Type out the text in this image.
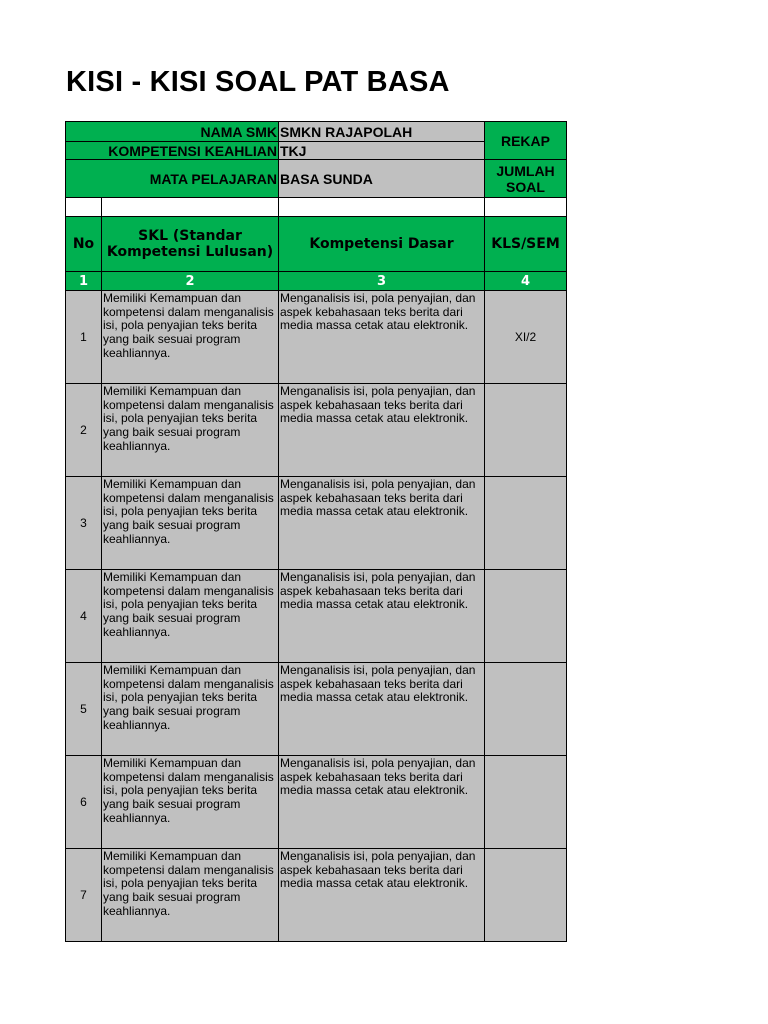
KISI - KISI SOAL PAT BASA
NAMA SMK		SMKN RAJAPOLAH	REKAP
KOMPETENSI KEAHLIAN		TKJ	
MATA PELAJARAN		BASA SUNDA	JUMLAH SOAL

No	SKL (Standar Kompetensi Lulusan)	Kompetensi Dasar	KLS/SEM
1	2	3	4
1	Memiliki Kemampuan dan kompetensi dalam menganalisis isi, pola penyajian teks berita yang baik sesuai program keahliannya.	Menganalisis isi, pola penyajian, dan aspek kebahasaan teks berita dari media massa cetak atau elektronik.	XI/2
2	Memiliki Kemampuan dan kompetensi dalam menganalisis isi, pola penyajian teks berita yang baik sesuai program keahliannya.	Menganalisis isi, pola penyajian, dan aspek kebahasaan teks berita dari media massa cetak atau elektronik.	
3	Memiliki Kemampuan dan kompetensi dalam menganalisis isi, pola penyajian teks berita yang baik sesuai program keahliannya.	Menganalisis isi, pola penyajian, dan aspek kebahasaan teks berita dari media massa cetak atau elektronik.	
4	Memiliki Kemampuan dan kompetensi dalam menganalisis isi, pola penyajian teks berita yang baik sesuai program keahliannya.	Menganalisis isi, pola penyajian, dan aspek kebahasaan teks berita dari media massa cetak atau elektronik.	
5	Memiliki Kemampuan dan kompetensi dalam menganalisis isi, pola penyajian teks berita yang baik sesuai program keahliannya.	Menganalisis isi, pola penyajian, dan aspek kebahasaan teks berita dari media massa cetak atau elektronik.	
6	Memiliki Kemampuan dan kompetensi dalam menganalisis isi, pola penyajian teks berita yang baik sesuai program keahliannya.	Menganalisis isi, pola penyajian, dan aspek kebahasaan teks berita dari media massa cetak atau elektronik.	
7	Memiliki Kemampuan dan kompetensi dalam menganalisis isi, pola penyajian teks berita yang baik sesuai program keahliannya.	Menganalisis isi, pola penyajian, dan aspek kebahasaan teks berita dari media massa cetak atau elektronik.	
